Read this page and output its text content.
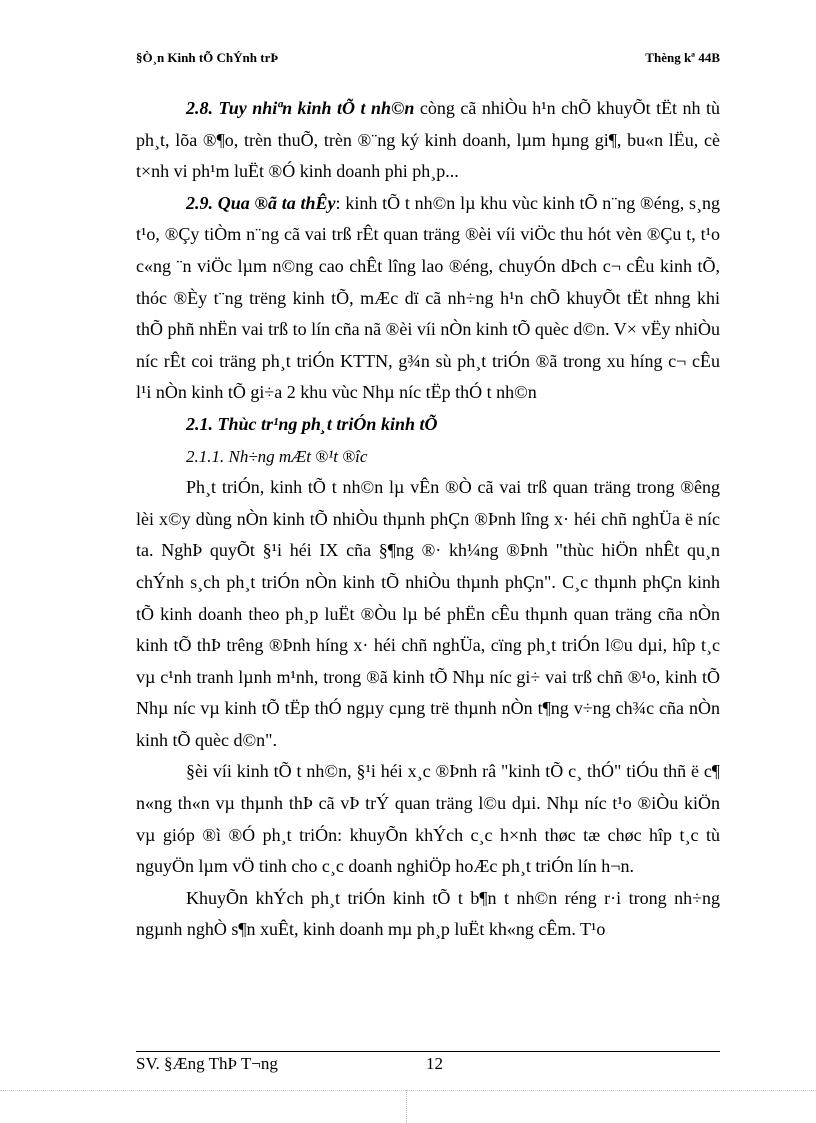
§Ò¸n Kinh tÕ ChÝnh trÞ	Thèng kª 44B

2.8. Tuy nhiªn kinh tÕ t nh©n còng cã nhiÒu h¹n chÕ khuyÕt tËt nh tù ph¸t, lõa ®¶o, trèn thuÕ, trèn ®¨ng ký kinh doanh, lµm hµng gi¶, bu«n lËu, cè t×nh vi ph¹m luËt ®Ó kinh doanh phi ph¸p...

2.9. Qua ®ã ta thÊy: kinh tÕ t nh©n lµ khu vùc kinh tÕ n¨ng ®éng, s¸ng t¹o, ®Çy tiÒm n¨ng cã vai trß rÊt quan träng ®èi víi viÖc thu hót vèn ®Çu t, t¹o c«ng ¨n viÖc lµm n©ng cao chÊt lîng lao ®éng, chuyÓn dÞch c¬ cÊu kinh tÕ, thóc ®Èy t¨ng trëng kinh tÕ, mÆc dï cã nh÷ng h¹n chÕ khuyÕt tËt nhng khi thÕ phñ nhËn vai trß to lín cña nã ®èi víi nÒn kinh tÕ quèc d©n. V× vËy nhiÒu níc rÊt coi träng ph¸t triÓn KTTN, g¾n sù ph¸t triÓn ®ã trong xu híng c¬ cÊu l¹i nÒn kinh tÕ gi÷a 2 khu vùc Nhµ níc tËp thÓ t nh©n

2.1. Thùc tr¹ng ph¸t triÓn kinh tÕ

2.1.1. Nh÷ng mÆt ®¹t ®îc

Ph¸t triÓn, kinh tÕ t nh©n lµ vÊn ®Ò cã vai trß quan träng trong ®êng lèi x©y dùng nÒn kinh tÕ nhiÒu thµnh phÇn ®Þnh lîng x· héi chñ nghÜa ë níc ta. NghÞ quyÕt §¹i héi IX cña §¶ng ®· kh¼ng ®Þnh "thùc hiÖn nhÊt qu¸n chÝnh s¸ch ph¸t triÓn nÒn kinh tÕ nhiÒu thµnh phÇn". C¸c thµnh phÇn kinh tÕ kinh doanh theo ph¸p luËt ®Òu lµ bé phËn cÊu thµnh quan träng cña nÒn kinh tÕ thÞ trêng ®Þnh híng x· héi chñ nghÜa, cïng ph¸t triÓn l©u dµi, hîp t¸c vµ c¹nh tranh lµnh m¹nh, trong ®ã kinh tÕ Nhµ níc gi÷ vai trß chñ ®¹o, kinh tÕ Nhµ níc vµ kinh tÕ tËp thÓ ngµy cµng trë thµnh nÒn t¶ng v÷ng ch¾c cña nÒn kinh tÕ quèc d©n".

§èi víi kinh tÕ t nh©n, §¹i héi x¸c ®Þnh râ "kinh tÕ c¸ thÓ" tiÓu thñ ë c¶ n«ng th«n vµ thµnh thÞ cã vÞ trÝ quan träng l©u dµi. Nhµ níc t¹o ®iÒu kiÖn vµ gióp ®ì ®Ó ph¸t triÓn: khuyÕn khÝch c¸c h×nh thøc tæ chøc hîp t¸c tù nguyÖn lµm vÖ tinh cho c¸c doanh nghiÖp hoÆc ph¸t triÓn lín h¬n.

KhuyÕn khÝch ph¸t triÓn kinh tÕ t b¶n t nh©n réng r·i trong nh÷ng ngµnh nghÒ s¶n xuÊt, kinh doanh mµ ph¸p luËt kh«ng cÊm. T¹o

SV. §Æng ThÞ T¬ng	12
